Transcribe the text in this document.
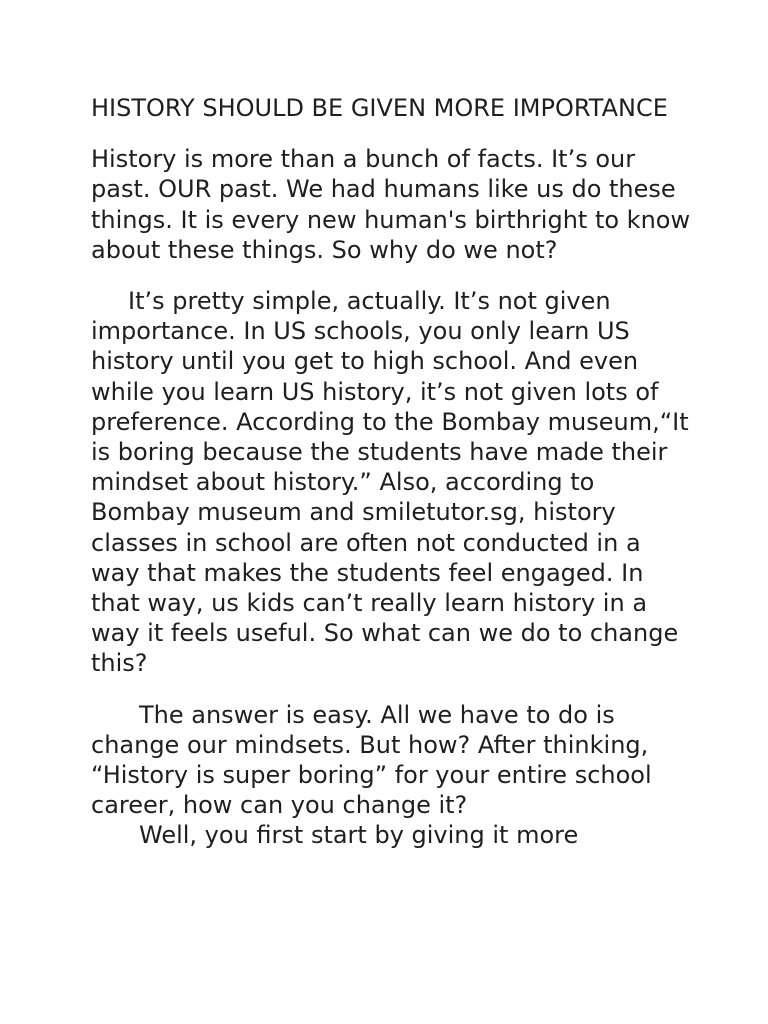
HISTORY SHOULD BE GIVEN MORE IMPORTANCE

History is more than a bunch of facts. It’s our past. OUR past. We had humans like us do these things. It is every new human's birthright to know about these things. So why do we not?

It’s pretty simple, actually. It’s not given importance. In US schools, you only learn US history until you get to high school. And even while you learn US history, it’s not given lots of preference. According to the Bombay museum,“It is boring because the students have made their mindset about history.” Also, according to Bombay museum and smiletutor.sg, history classes in school are often not conducted in a way that makes the students feel engaged. In that way, us kids can’t really learn history in a way it feels useful. So what can we do to change this?

The answer is easy. All we have to do is change our mindsets. But how? After thinking, “History is super boring” for your entire school career, how can you change it?

Well, you first start by giving it more
